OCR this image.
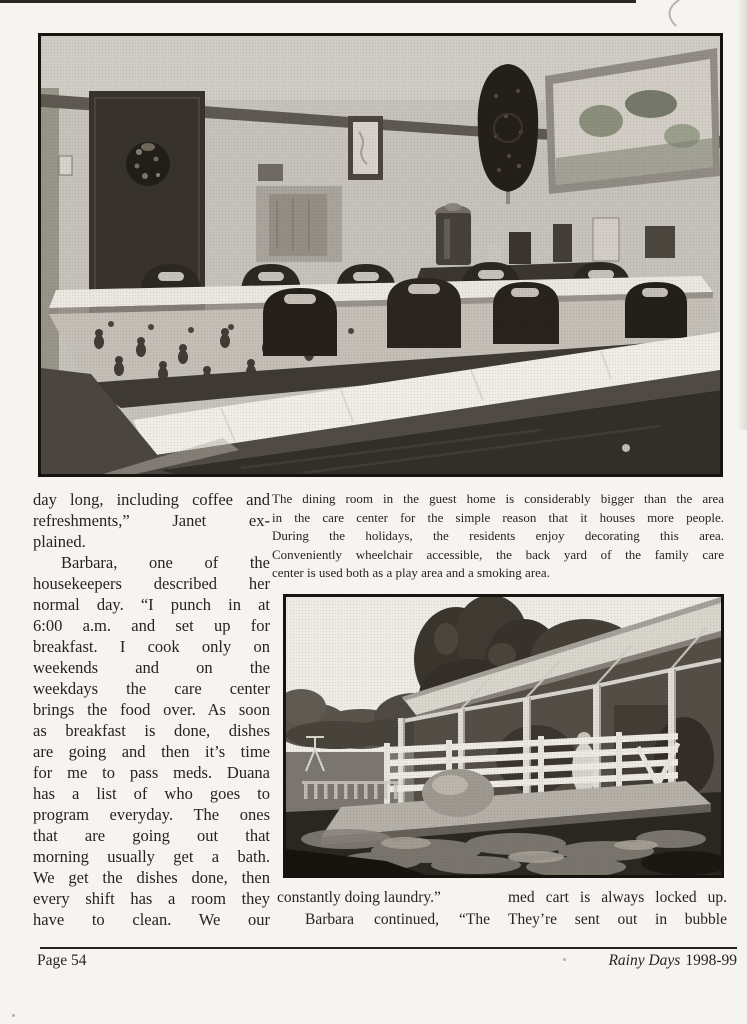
day long, including coffee and
refreshments,” Janet ex-
plained.
Barbara, one of the
housekeepers described her
normal day. “I punch in at
6:00 a.m. and set up for
breakfast. I cook only on
weekends and on the
weekdays the care center
brings the food over. As soon
as breakfast is done, dishes
are going and then it’s time
for me to pass meds. Duana
has a list of who goes to
program everyday. The ones
that are going out that
morning usually get a bath.
We get the dishes done, then
every shift has a room they
have to clean. We our
The dining room in the guest home is considerably bigger than the area
in the care center for the simple reason that it houses more people.
During the holidays, the residents enjoy decorating this area.
Conveniently wheelchair accessible, the back yard of the family care
center is used both as a play area and a smoking area.
constantly doing laundry.”
Barbara continued, “The
med cart is always locked up.
They’re sent out in bubble
Page 54	Rainy Days 1998-99
